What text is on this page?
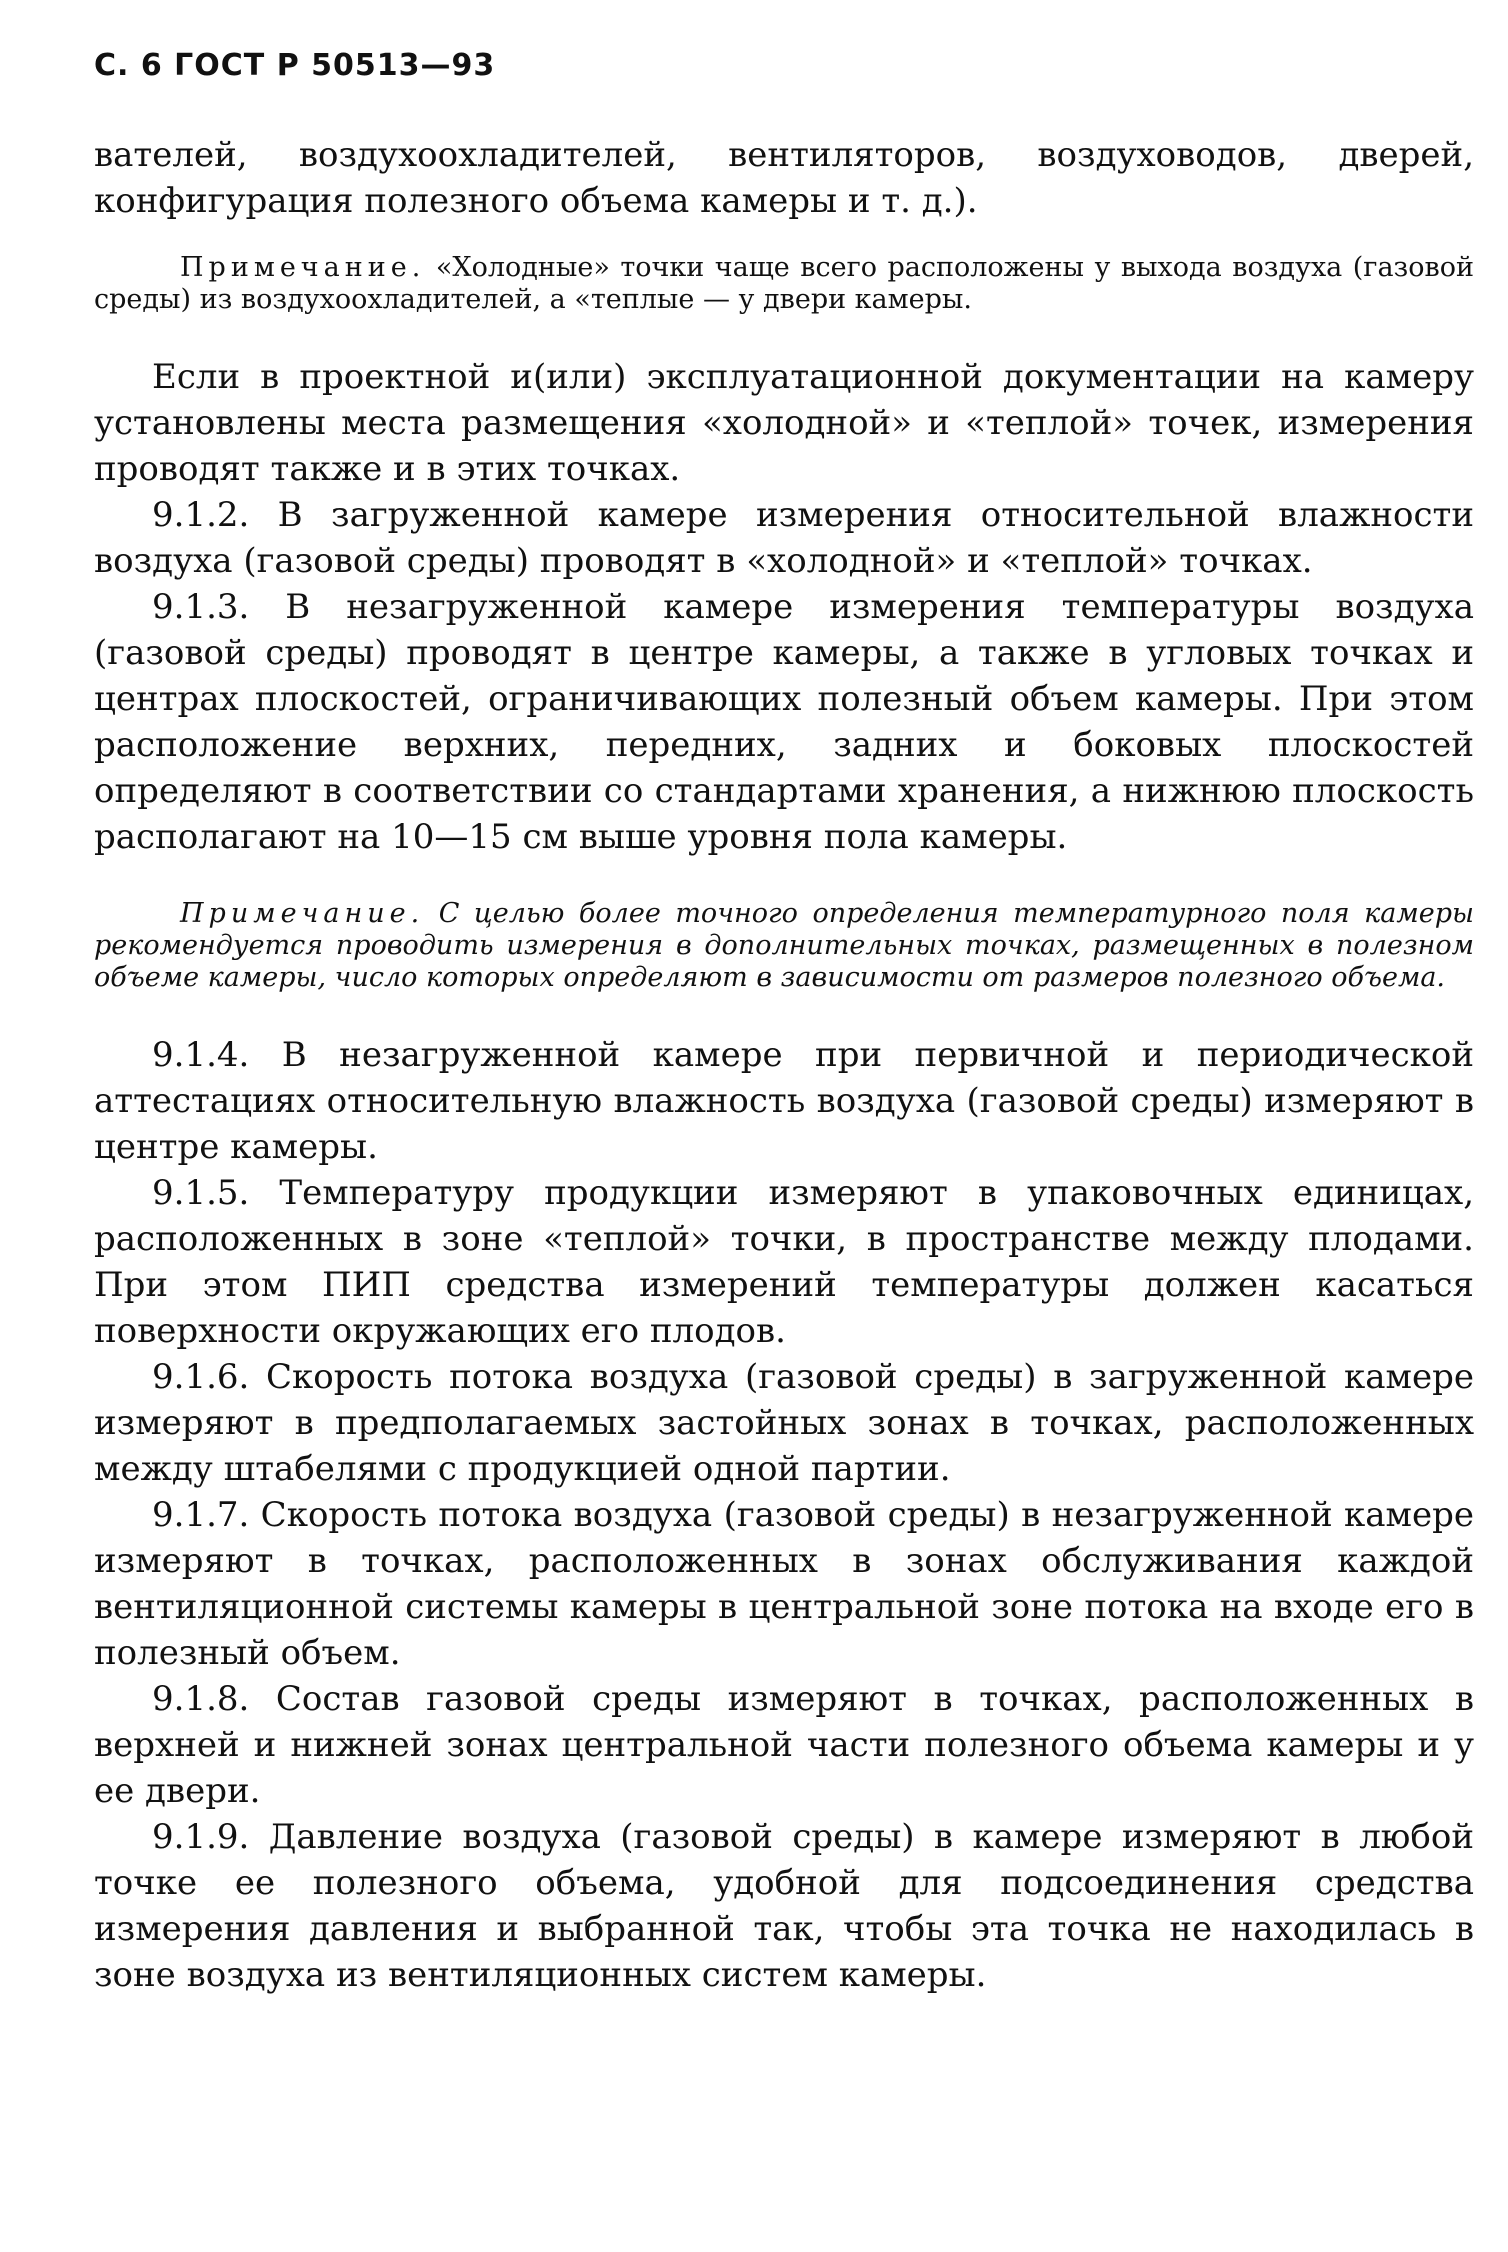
С. 6 ГОСТ Р 50513—93

вателей, воздухоохладителей, вентиляторов, воздуховодов, дверей, конфигурация полезного объема камеры и т. д.).

Примечание. «Холодные» точки чаще всего расположены у выхода воздуха (газовой среды) из воздухоохладителей, а «теплые — у двери камеры.

Если в проектной и(или) эксплуатационной документации на камеру установлены места размещения «холодной» и «теплой» точек, измерения проводят также и в этих точках.

9.1.2. В загруженной камере измерения относительной влажности воздуха (газовой среды) проводят в «холодной» и «теплой» точках.

9.1.3. В незагруженной камере измерения температуры воздуха (газовой среды) проводят в центре камеры, а также в угловых точках и центрах плоскостей, ограничивающих полезный объем камеры. При этом расположение верхних, передних, задних и боковых плоскостей определяют в соответствии со стандартами хранения, а нижнюю плоскость располагают на 10—15 см выше уровня пола камеры.

Примечание. С целью более точного определения температурного поля камеры рекомендуется проводить измерения в дополнительных точках, размещенных в полезном объеме камеры, число которых определяют в зависимости от размеров полезного объема.

9.1.4. В незагруженной камере при первичной и периодической аттестациях относительную влажность воздуха (газовой среды) измеряют в центре камеры.

9.1.5. Температуру продукции измеряют в упаковочных единицах, расположенных в зоне «теплой» точки, в пространстве между плодами. При этом ПИП средства измерений температуры должен касаться поверхности окружающих его плодов.

9.1.6. Скорость потока воздуха (газовой среды) в загруженной камере измеряют в предполагаемых застойных зонах в точках, расположенных между штабелями с продукцией одной партии.

9.1.7. Скорость потока воздуха (газовой среды) в незагруженной камере измеряют в точках, расположенных в зонах обслуживания каждой вентиляционной системы камеры в центральной зоне потока на входе его в полезный объем.

9.1.8. Состав газовой среды измеряют в точках, расположенных в верхней и нижней зонах центральной части полезного объема камеры и у ее двери.

9.1.9. Давление воздуха (газовой среды) в камере измеряют в любой точке ее полезного объема, удобной для подсоединения средства измерения давления и выбранной так, чтобы эта точка не находилась в зоне воздуха из вентиляционных систем камеры.
